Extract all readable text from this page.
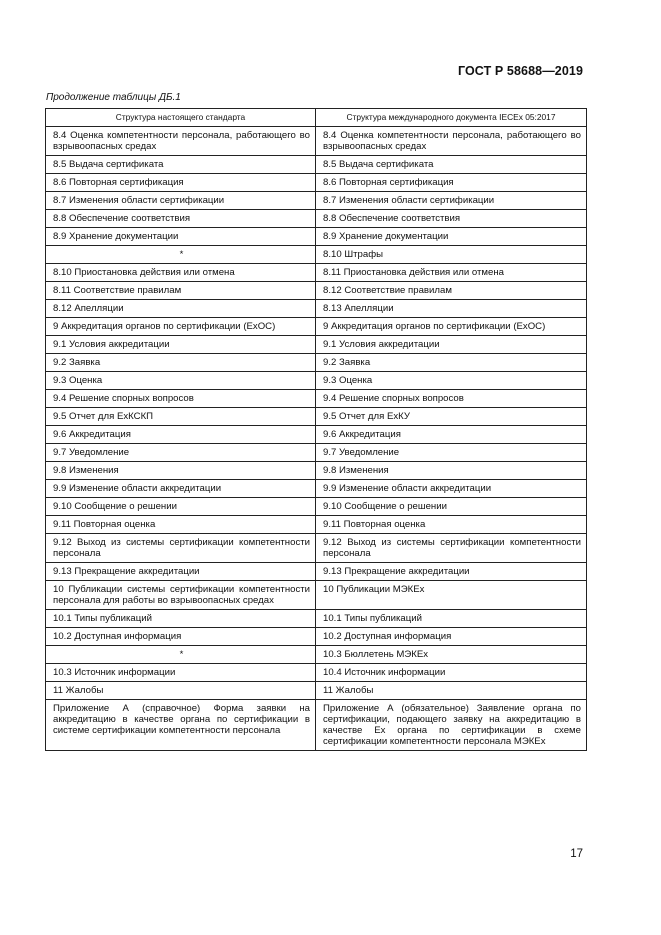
ГОСТ Р 58688—2019
Продолжение таблицы ДБ.1
Структура настоящего стандарта	Структура международного документа IECEx 05:2017
8.4 Оценка компетентности персонала, работающего во взрывоопасных средах	8.4 Оценка компетентности персонала, работающего во взрывоопасных средах
8.5 Выдача сертификата	8.5 Выдача сертификата
8.6 Повторная сертификация	8.6 Повторная сертификация
8.7 Изменения области сертификации	8.7 Изменения области сертификации
8.8 Обеспечение соответствия	8.8 Обеспечение соответствия
8.9 Хранение документации	8.9 Хранение документации
*	8.10 Штрафы
8.10 Приостановка действия или отмена	8.11 Приостановка действия или отмена
8.11 Соответствие правилам	8.12 Соответствие правилам
8.12 Апелляции	8.13 Апелляции
9 Аккредитация органов по сертификации (ExOC)	9 Аккредитация органов по сертификации (ExOC)
9.1 Условия аккредитации	9.1 Условия аккредитации
9.2 Заявка	9.2 Заявка
9.3 Оценка	9.3 Оценка
9.4 Решение спорных вопросов	9.4 Решение спорных вопросов
9.5 Отчет для ExКСКП	9.5 Отчет для ExКУ
9.6 Аккредитация	9.6 Аккредитация
9.7 Уведомление	9.7 Уведомление
9.8 Изменения	9.8 Изменения
9.9 Изменение области аккредитации	9.9 Изменение области аккредитации
9.10 Сообщение о решении	9.10 Сообщение о решении
9.11 Повторная оценка	9.11 Повторная оценка
9.12 Выход из системы сертификации компетентности персонала	9.12 Выход из системы сертификации компетентности персонала
9.13 Прекращение аккредитации	9.13 Прекращение аккредитации
10 Публикации системы сертификации компетентности персонала для работы во взрывоопасных средах	10 Публикации МЭКЕх
10.1 Типы публикаций	10.1 Типы публикаций
10.2 Доступная информация	10.2 Доступная информация
*	10.3 Бюллетень МЭКЕх
10.3 Источник информации	10.4 Источник информации
11 Жалобы	11 Жалобы
Приложение А (справочное) Форма заявки на аккредитацию в качестве органа по сертификации в системе сертификации компетентности персонала	Приложение А (обязательное) Заявление органа по сертификации, подающего заявку на аккредитацию в качестве Ex органа по сертификации в схеме сертификации компетентности персонала МЭКЕх
17
